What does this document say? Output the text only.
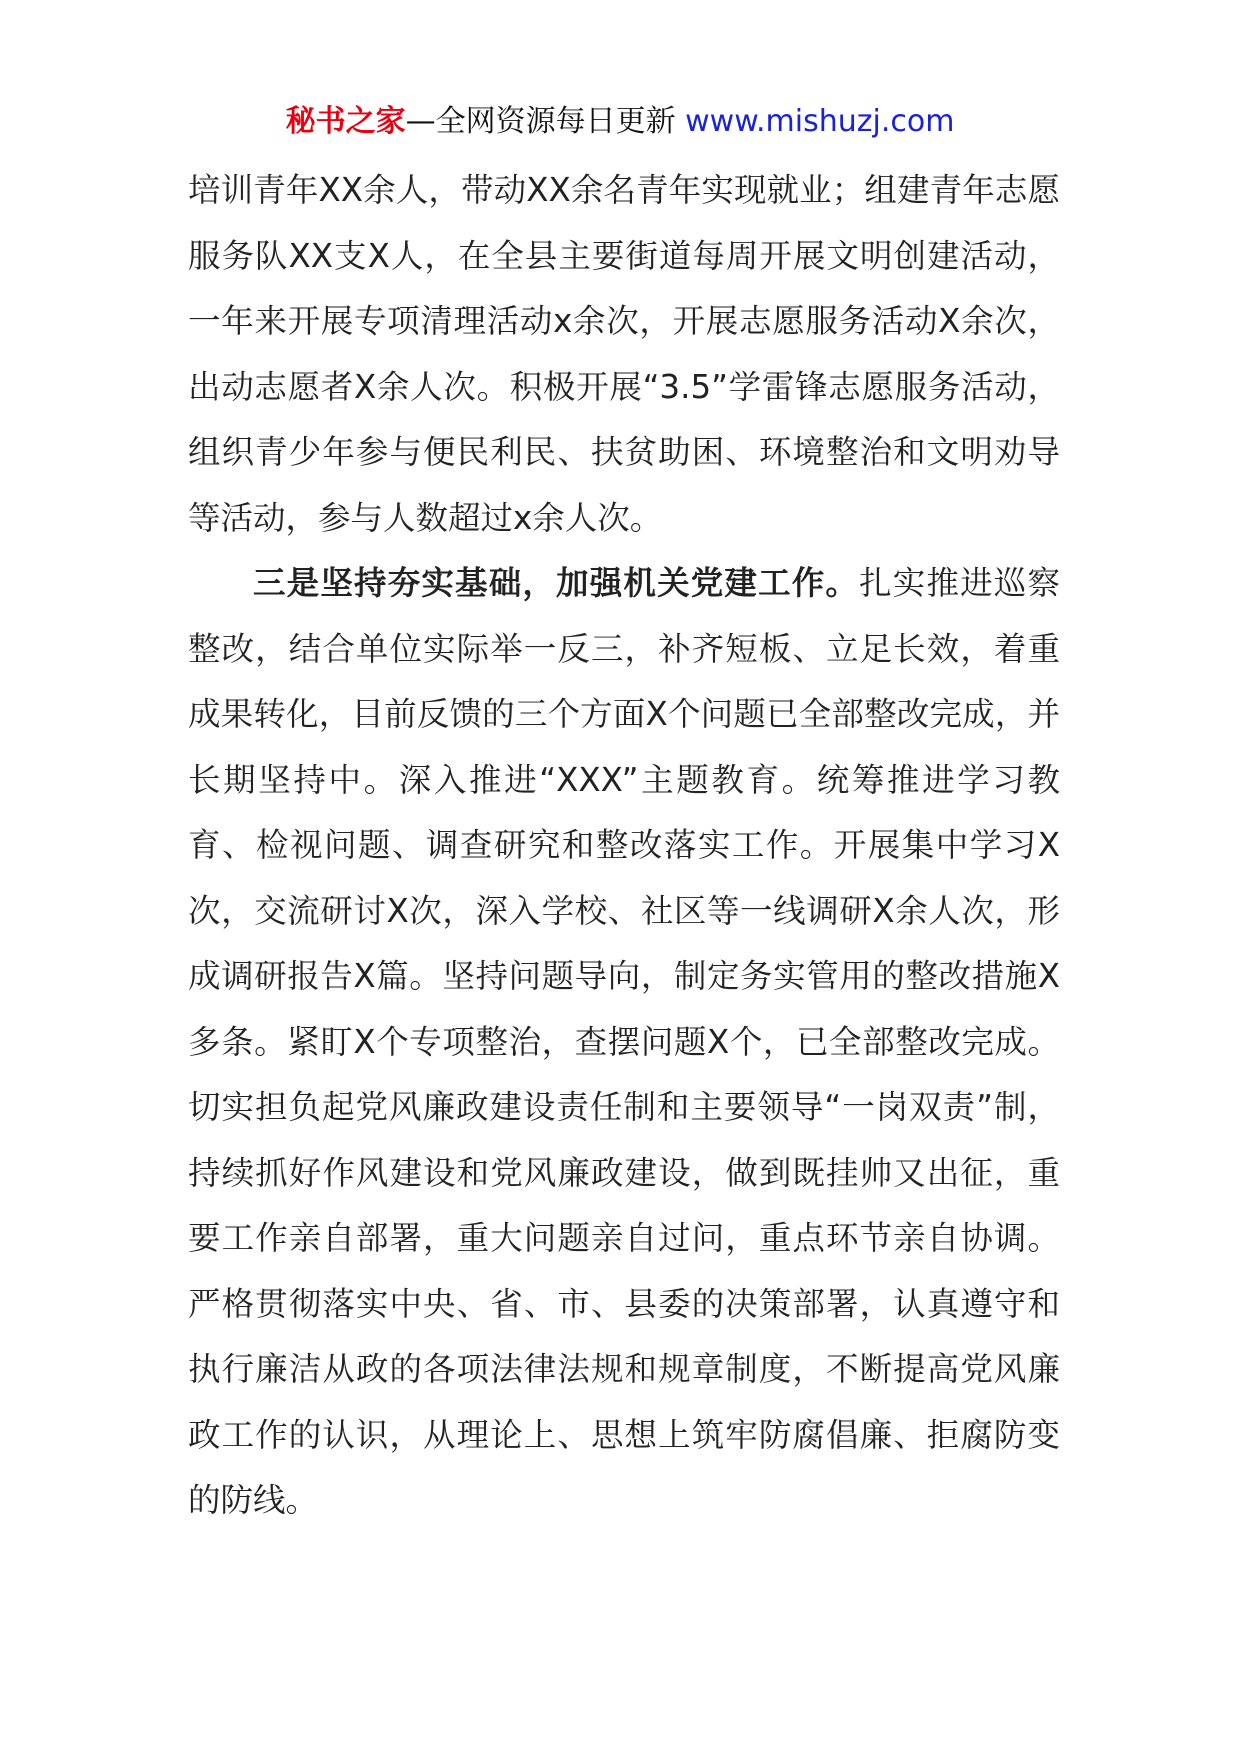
秘书之家—全网资源每日更新 www.mishuzj.com

培训青年XX余人，带动XX余名青年实现就业；组建青年志愿服务队XX支X人，在全县主要街道每周开展文明创建活动，一年来开展专项清理活动x余次，开展志愿服务活动X余次，出动志愿者X余人次。积极开展“3.5”学雷锋志愿服务活动，组织青少年参与便民利民、扶贫助困、环境整治和文明劝导等活动，参与人数超过x余人次。

三是坚持夯实基础，加强机关党建工作。扎实推进巡察整改，结合单位实际举一反三，补齐短板、立足长效，着重成果转化，目前反馈的三个方面X个问题已全部整改完成，并长期坚持中。深入推进“XXX”主题教育。统筹推进学习教育、检视问题、调查研究和整改落实工作。开展集中学习X次，交流研讨X次，深入学校、社区等一线调研X余人次，形成调研报告X篇。坚持问题导向，制定务实管用的整改措施X多条。紧盯X个专项整治，查摆问题X个，已全部整改完成。切实担负起党风廉政建设责任制和主要领导“一岗双责”制，持续抓好作风建设和党风廉政建设，做到既挂帅又出征，重要工作亲自部署，重大问题亲自过问，重点环节亲自协调。严格贯彻落实中央、省、市、县委的决策部署，认真遵守和执行廉洁从政的各项法律法规和规章制度，不断提高党风廉政工作的认识，从理论上、思想上筑牢防腐倡廉、拒腐防变的防线。
